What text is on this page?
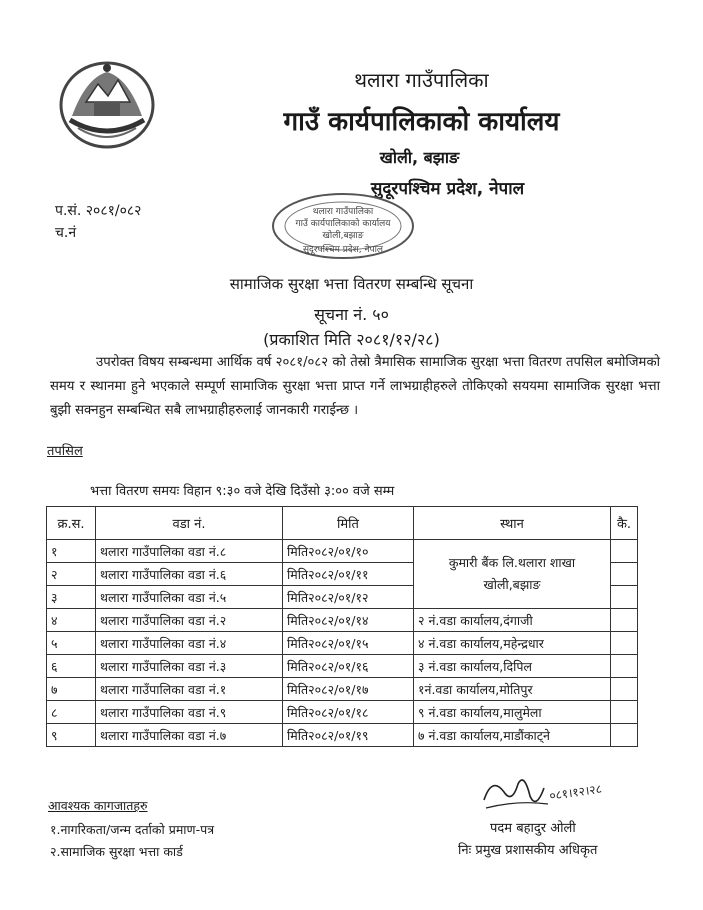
थलारा गाउँपालिका
गाउँ कार्यपालिकाको कार्यालय
खोली, बझाङ
सुदूरपश्चिम प्रदेश, नेपाल
प.सं. २०८१/०८२
च.नं
थलारा गाउँपालिका
गाउँ कार्यपालिकाको कार्यालय
खोली,बझाङ
सुदूरपश्चिम प्रदेश, नेपाल
सामाजिक सुरक्षा भत्ता वितरण सम्बन्धि सूचना
सूचना नं. ५०
(प्रकाशित मिति २०८१/१२/२८)
उपरोक्त विषय सम्बन्धमा आर्थिक वर्ष २०८१/०८२ को तेस्रो त्रैमासिक सामाजिक सुरक्षा भत्ता वितरण तपसिल बमोजिमको समय र स्थानमा हुने भएकाले सम्पूर्ण सामाजिक सुरक्षा भत्ता प्राप्त गर्ने लाभग्राहीहरुले तोकिएको सययमा सामाजिक सुरक्षा भत्ता बुझी सक्नहुन सम्बन्धित सबै लाभग्राहीहरुलाई जानकारी गराईन्छ ।
तपसिल
भत्ता वितरण समयः विहान ९:३० वजे देखि दिउँसो ३:०० वजे सम्म
क्र.स.	वडा नं.	मिति	स्थान	कै.
१	थलारा गाउँपालिका वडा नं.८	मिति२०८२/०१/१०	कुमारी बैंक लि.थलारा शाखा
खोली,बझाङ	
२	थलारा गाउँपालिका वडा नं.६	मिति२०८२/०१/११		
३	थलारा गाउँपालिका वडा नं.५	मिति२०८२/०१/१२		
४	थलारा गाउँपालिका वडा नं.२	मिति२०८२/०१/१४	२ नं.वडा कार्यालय,दंगाजी	
५	थलारा गाउँपालिका वडा नं.४	मिति२०८२/०१/१५	४ नं.वडा कार्यालय,महेन्द्रधार	
६	थलारा गाउँपालिका वडा नं.३	मिति२०८२/०१/१६	३ नं.वडा कार्यालय,दिपिल	
७	थलारा गाउँपालिका वडा नं.१	मिति२०८२/०१/१७	१नं.वडा कार्यालय,मोतिपुर	
८	थलारा गाउँपालिका वडा नं.९	मिति२०८२/०१/१८	९ नं.वडा कार्यालय,मालुमेला	
९	थलारा गाउँपालिका वडा नं.७	मिति२०८२/०१/१९	७ नं.वडा कार्यालय,माडौंकाट्ने	
आवश्यक कागजातहरु
१.नागरिकता/जन्म दर्ताको प्रमाण-पत्र
२.सामाजिक सुरक्षा भत्ता कार्ड
०८१।१२।२८
पदम बहादुर ओली
निः प्रमुख प्रशासकीय अधिकृत
